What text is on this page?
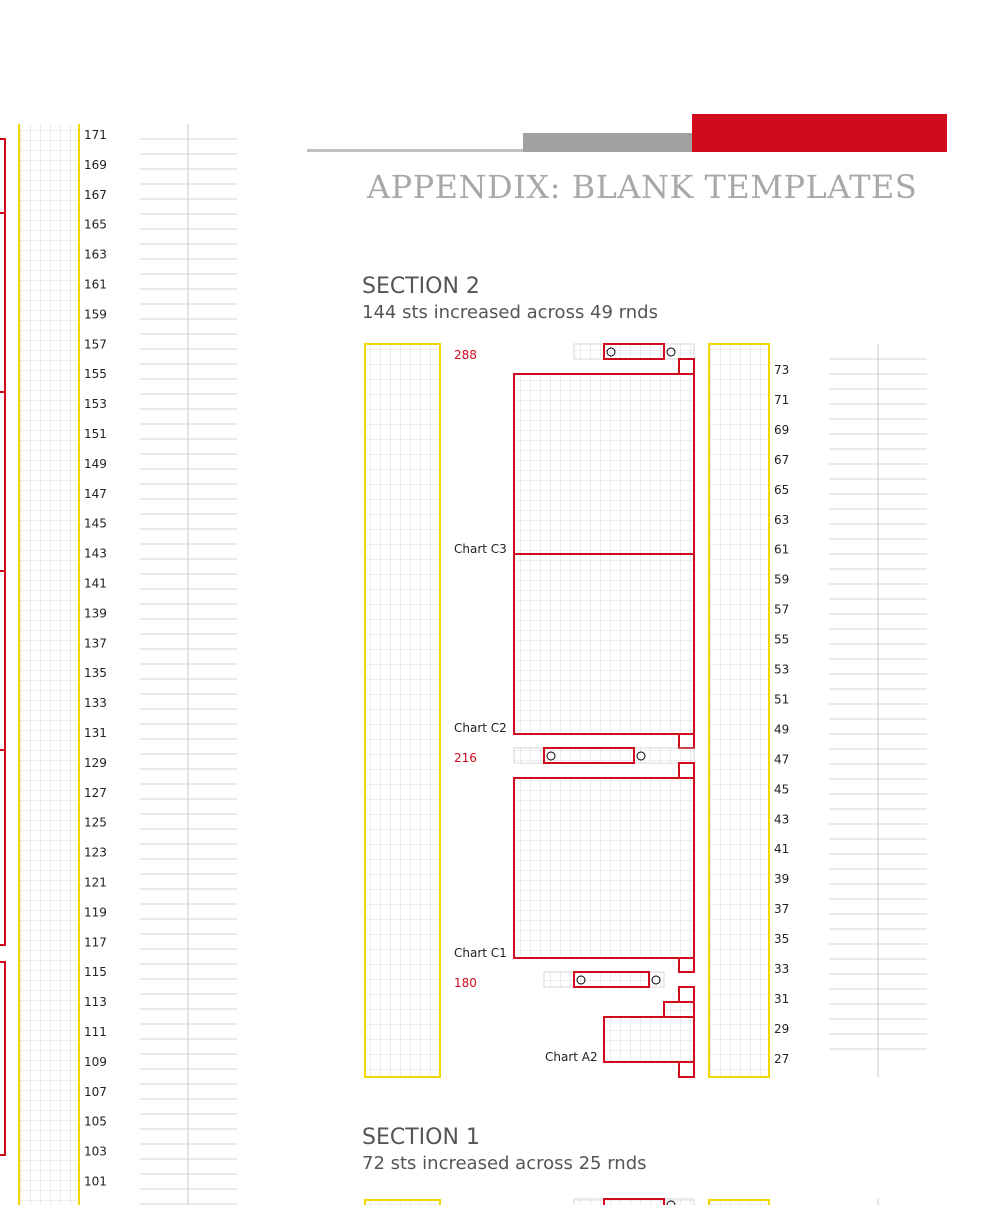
APPENDIX: BLANK TEMPLATES
SECTION 2
144 sts increased across 49 rnds
SECTION 1
72 sts increased across 25 rnds
171
169
167
165
163
161
159
157
155
153
151
149
147
145
143
141
139
137
135
133
131
129
127
125
123
121
119
117
115
113
111
109
107
105
103
101
288
216
180
Chart C3
Chart C2
Chart C1
Chart A2
73
71
69
67
65
63
61
59
57
55
53
51
49
47
45
43
41
39
37
35
33
31
29
27
